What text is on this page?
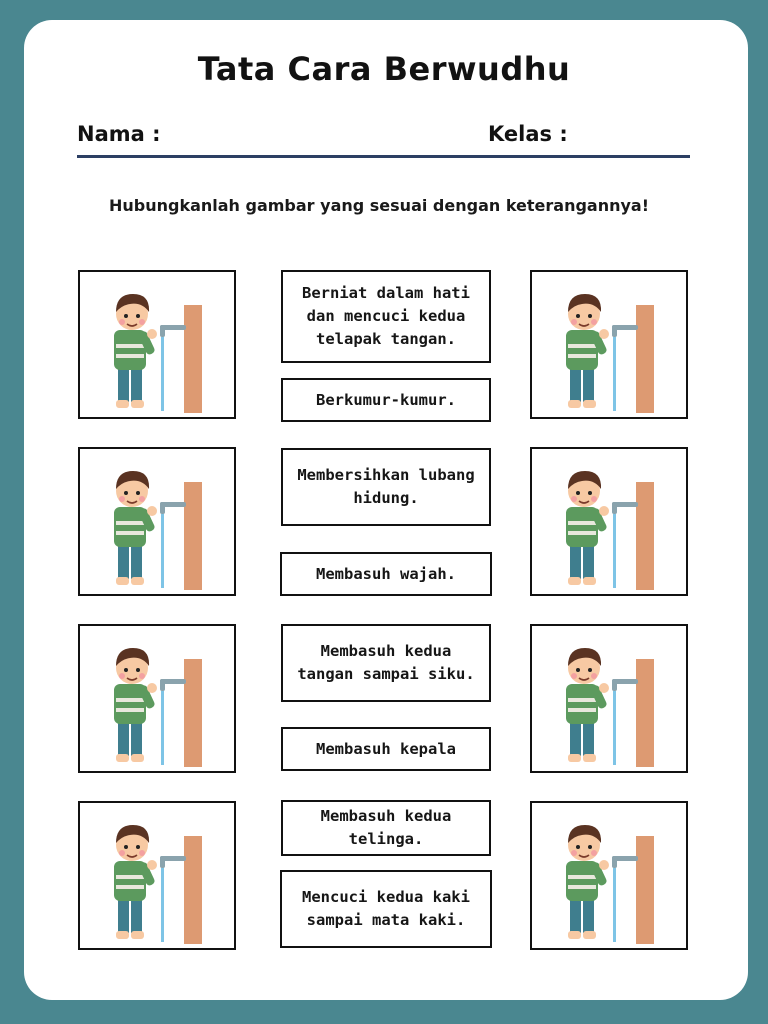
Tata Cara Berwudhu
Nama :	Kelas :
Hubungkanlah gambar yang sesuai dengan keterangannya!
Berniat dalam hati dan mencuci kedua telapak tangan.
Berkumur-kumur.
Membersihkan lubang hidung.
Membasuh wajah.
Membasuh kedua tangan sampai siku.
Membasuh kepala
Membasuh kedua telinga.
Mencuci kedua kaki sampai mata kaki.
